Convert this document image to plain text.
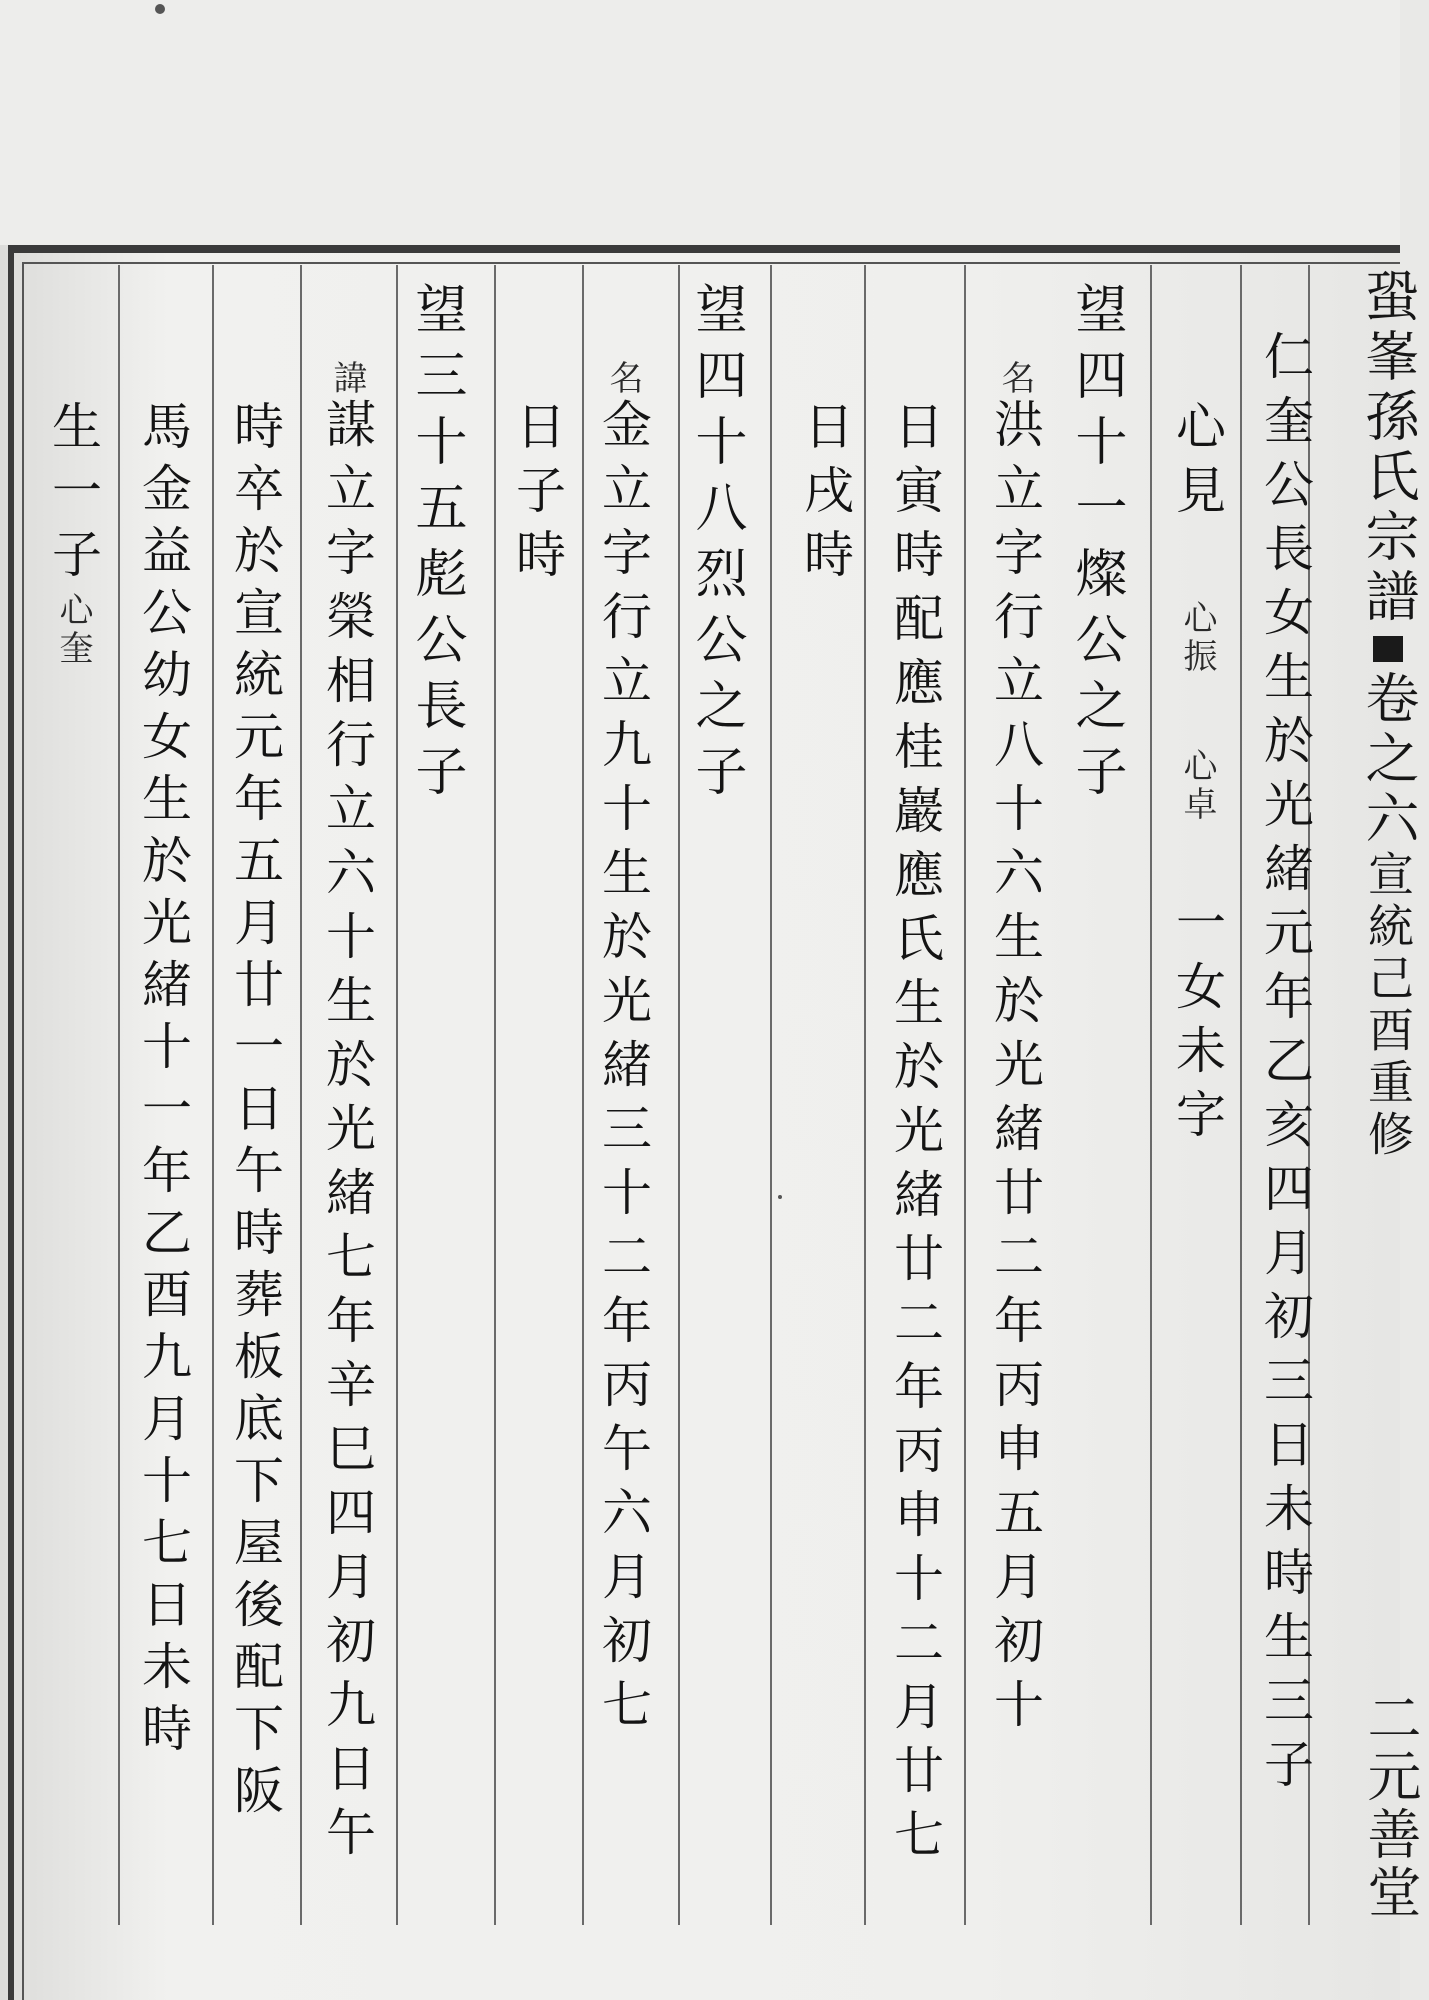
蛩峯孫氏宗譜卷之六宣統己酉重修
二元善堂
仁奎公長女生於光緒元年乙亥四月初三日未時生三子
心見 心振 心卓 一女未字
望四十一燦公之子
名洪立字行立八十六生於光緒廿二年丙申五月初十
日寅時配應桂巖應氏生於光緒廿二年丙申十二月廿七
日戌時
望四十八烈公之子
名金立字行立九十生於光緒三十二年丙午六月初七
日子時
望三十五彪公長子
諱謀立字榮相行立六十生於光緒七年辛巳四月初九日午
時卒於宣統元年五月廿一日午時葬板底下屋後配下阪
馬金益公幼女生於光緒十一年乙酉九月十七日未時
生一子心奎
